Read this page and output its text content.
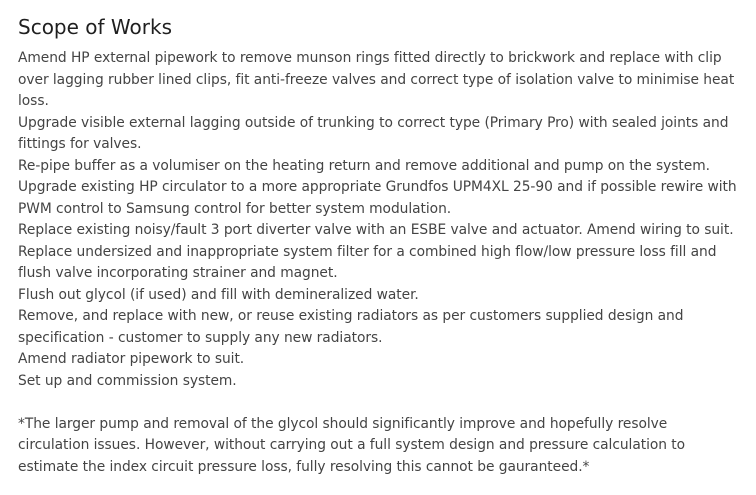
Scope of Works
Amend HP external pipework to remove munson rings fitted directly to brickwork and replace with clip over lagging rubber lined clips, fit anti-freeze valves and correct type of isolation valve to minimise heat loss.
Upgrade visible external lagging outside of trunking to correct type (Primary Pro) with sealed joints and fittings for valves.
Re-pipe buffer as a volumiser on the heating return and remove additional and pump on the system.
Upgrade existing HP circulator to a more appropriate Grundfos UPM4XL 25-90 and if possible rewire with PWM control to Samsung control for better system modulation.
Replace existing noisy/fault 3 port diverter valve with an ESBE valve and actuator. Amend wiring to suit.
Replace undersized and inappropriate system filter for a combined high flow/low pressure loss fill and flush valve incorporating strainer and magnet.
Flush out glycol (if used) and fill with demineralized water.
Remove, and replace with new, or reuse existing radiators as per customers supplied design and specification - customer to supply any new radiators.
Amend radiator pipework to suit.
Set up and commission system.

*The larger pump and removal of the glycol should significantly improve and hopefully resolve circulation issues. However, without carrying out a full system design and pressure calculation to estimate the index circuit pressure loss, fully resolving this cannot be gauranteed.*
